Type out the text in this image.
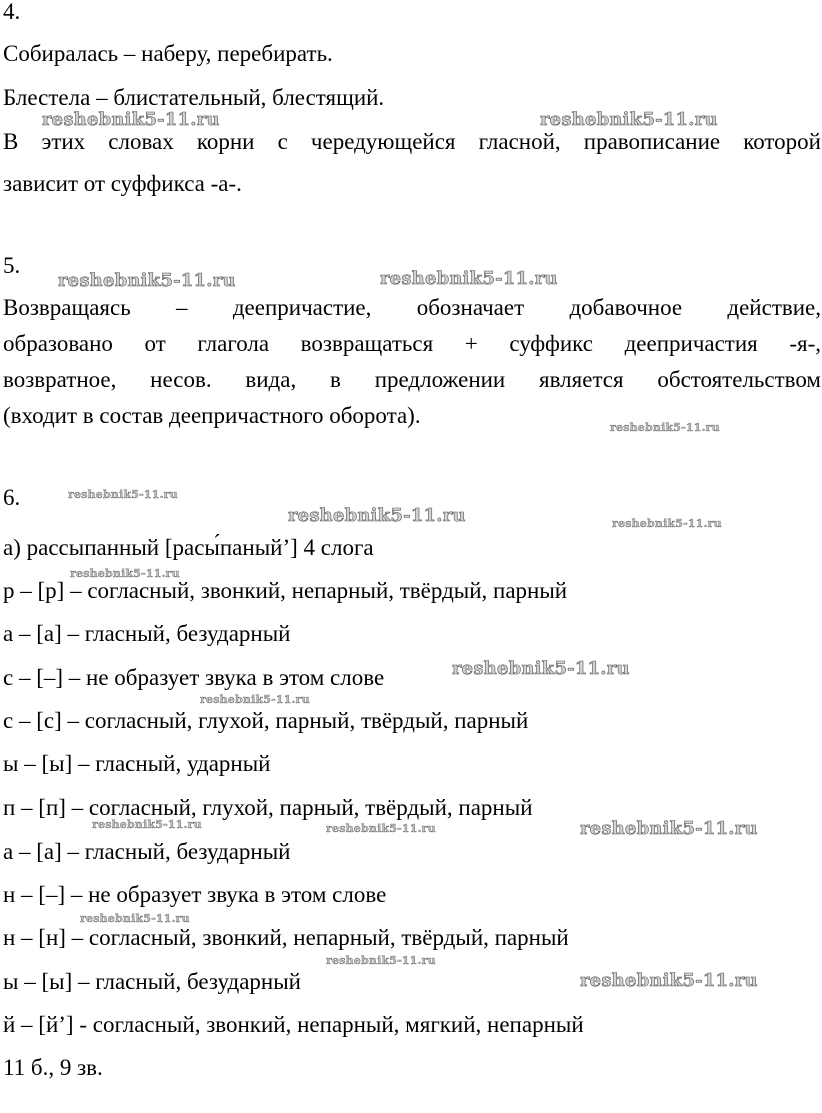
4.
Собиралась – наберу, перебирать.
Блестела – блистательный, блестящий.
В этих словах корни с чередующейся гласной, правописание которой
зависит от суффикса -а-.
5.
Возвращаясь – деепричастие, обозначает добавочное действие,
образовано от глагола возвращаться + суффикс деепричастия -я-,
возвратное, несов. вида, в предложении является обстоятельством
(входит в состав деепричастного оборота).
6.
а) рассыпанный [расы́паный’] 4 слога
р – [р] – согласный, звонкий, непарный, твёрдый, парный
а – [а] – гласный, безударный
с – [–] – не образует звука в этом слове
с – [с] – согласный, глухой, парный, твёрдый, парный
ы – [ы] – гласный, ударный
п – [п] – согласный, глухой, парный, твёрдый, парный
а – [а] – гласный, безударный
н – [–] – не образует звука в этом слове
н – [н] – согласный, звонкий, непарный, твёрдый, парный
ы – [ы] – гласный, безударный
й – [й’] - согласный, звонкий, непарный, мягкий, непарный
11 б., 9 зв.
reshebnik5-11.ru	reshebnik5-11.ru
reshebnik5-11.ru	reshebnik5-11.ru
reshebnik5-11.ru
reshebnik5-11.ru
reshebnik5-11.ru	reshebnik5-11.ru
reshebnik5-11.ru
reshebnik5-11.ru
reshebnik5-11.ru
reshebnik5-11.ru	reshebnik5-11.ru	reshebnik5-11.ru
reshebnik5-11.ru
reshebnik5-11.ru
reshebnik5-11.ru
